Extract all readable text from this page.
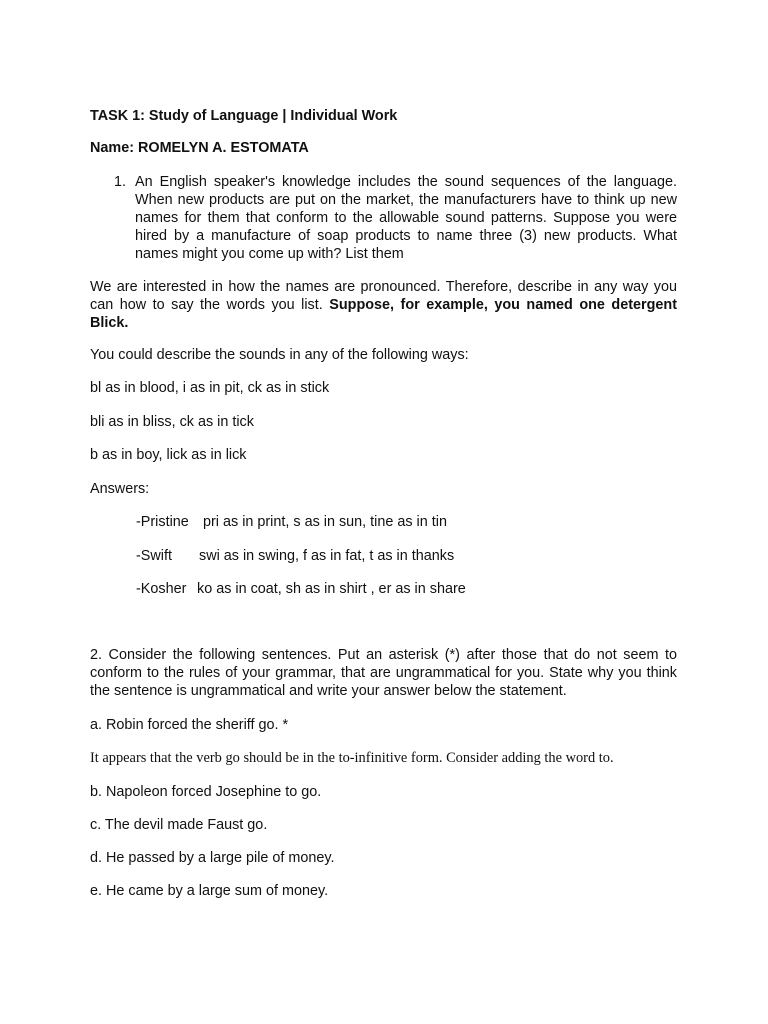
TASK 1: Study of Language | Individual Work
Name: ROMELYN A. ESTOMATA
1. An English speaker's knowledge includes the sound sequences of the language. When new products are put on the market, the manufacturers have to think up new names for them that conform to the allowable sound patterns. Suppose you were hired by a manufacture of soap products to name three (3) new products. What names might you come up with? List them
We are interested in how the names are pronounced. Therefore, describe in any way you can how to say the words you list. Suppose, for example, you named one detergent Blick.
You could describe the sounds in any of the following ways:
bl as in blood, i as in pit, ck as in stick
bli as in bliss, ck as in tick
b as in boy, lick as in lick
Answers:
-Pristine pri as in print, s as in sun, tine as in tin
-Swift swi as in swing, f as in fat, t as in thanks
-Kosher ko as in coat, sh as in shirt , er as in share
2. Consider the following sentences. Put an asterisk (*) after those that do not seem to conform to the rules of your grammar, that are ungrammatical for you. State why you think the sentence is ungrammatical and write your answer below the statement.
a. Robin forced the sheriff go. *
It appears that the verb go should be in the to-infinitive form. Consider adding the word to.
b. Napoleon forced Josephine to go.
c. The devil made Faust go.
d. He passed by a large pile of money.
e. He came by a large sum of money.
